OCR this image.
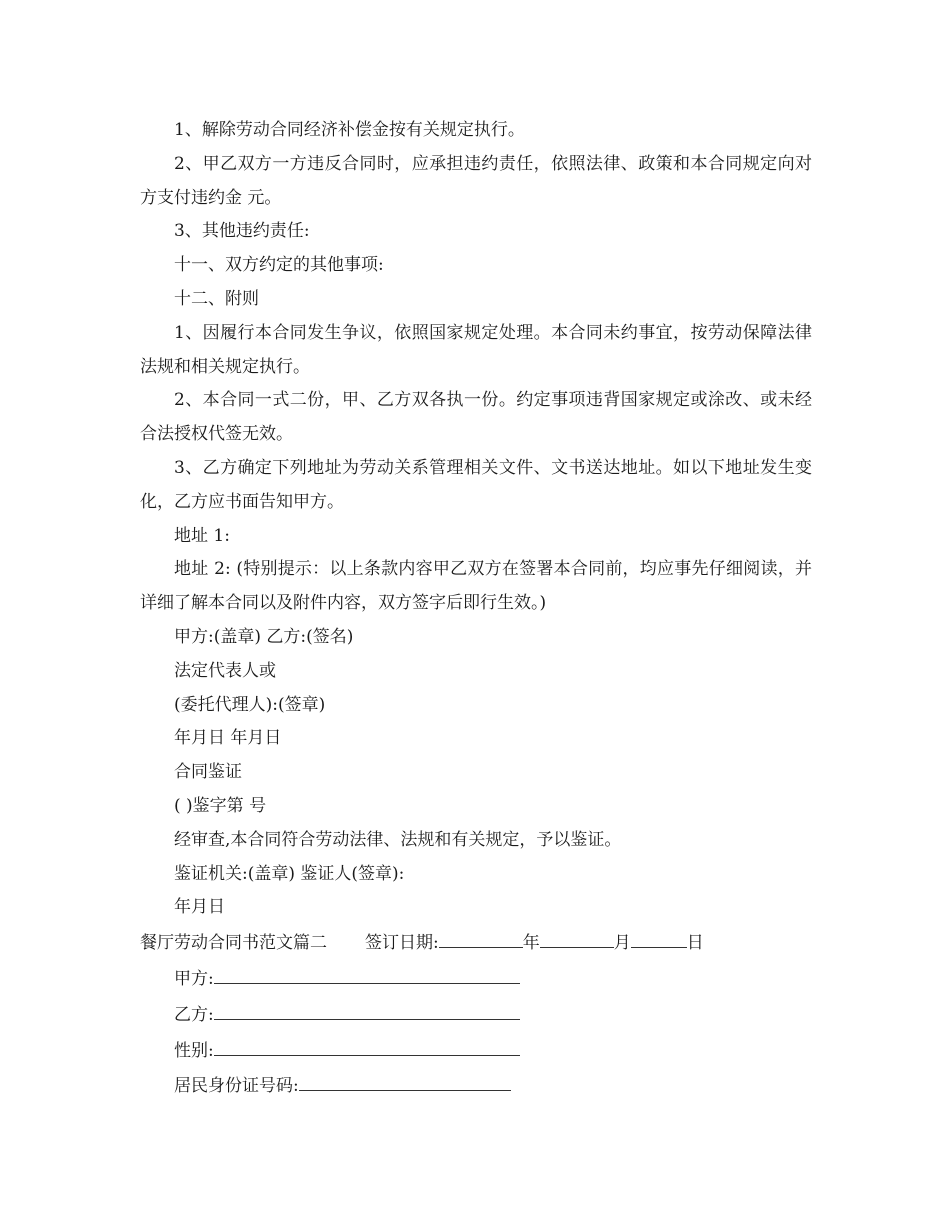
1、解除劳动合同经济补偿金按有关规定执行。

2、甲乙双方一方违反合同时，应承担违约责任，依照法律、政策和本合同规定向对方支付违约金 元。

3、其他违约责任:

十一、双方约定的其他事项:

十二、附则

1、因履行本合同发生争议，依照国家规定处理。本合同未约事宜，按劳动保障法律法规和相关规定执行。

2、本合同一式二份，甲、乙方双各执一份。约定事项违背国家规定或涂改、或未经合法授权代签无效。

3、乙方确定下列地址为劳动关系管理相关文件、文书送达地址。如以下地址发生变化，乙方应书面告知甲方。

地址 1:

地址 2: (特别提示：以上条款内容甲乙双方在签署本合同前，均应事先仔细阅读，并详细了解本合同以及附件内容，双方签字后即行生效。)

甲方:(盖章) 乙方:(签名)

法定代表人或

(委托代理人):(签章)

年月日 年月日

合同鉴证

( )鉴字第 号

经审查,本合同符合劳动法律、法规和有关规定，予以鉴证。

鉴证机关:(盖章) 鉴证人(签章):

年月日

餐厅劳动合同书范文篇二 签订日期:	年	月	日

甲方:

乙方:

性别:

居民身份证号码:
